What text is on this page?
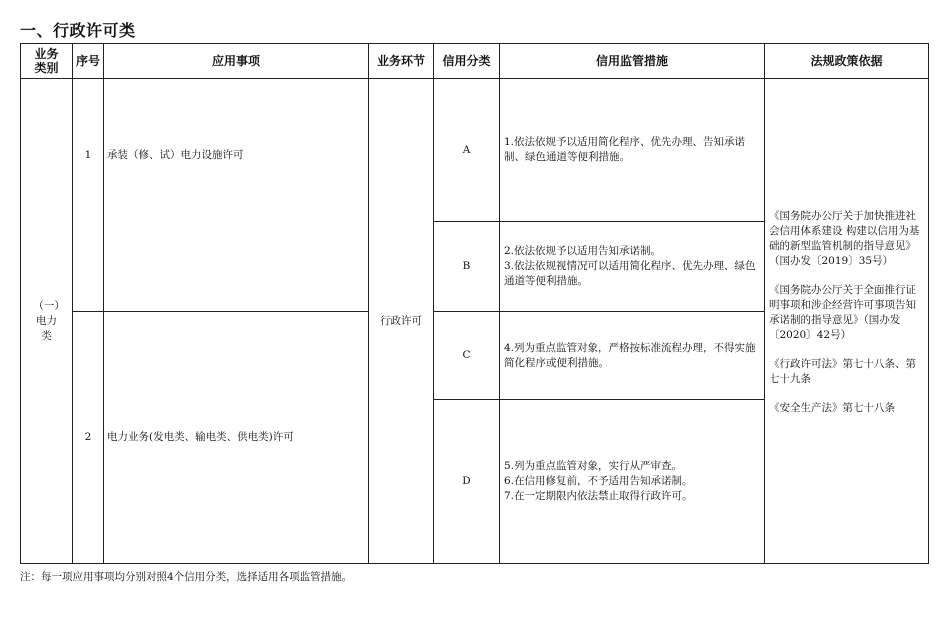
一、行政许可类
业务类别	序号	应用事项	业务环节	信用分类	信用监管措施	法规政策依据

（一）电力类	1	承装（修、试）电力设施许可	行政许可	A	1.依法依规予以适用简化程序、优先办理、告知承诺制、绿色通道等便利措施。	《国务院办公厅关于加快推进社会信用体系建设 构建以信用为基础的新型监管机制的指导意见》（国办发〔2019〕35号）

《国务院办公厅关于全面推行证明事项和涉企经营许可事项告知承诺制的指导意见》（国办发〔2020〕42号）

《行政许可法》第七十八条、第七十九条

《安全生产法》第七十八条

				B	2.依法依规予以适用告知承诺制。
3.依法依规视情况可以适用简化程序、优先办理、绿色通道等便利措施。	

	2	电力业务(发电类、输电类、供电类)许可		C	4.列为重点监管对象，严格按标准流程办理，不得实施简化程序或便利措施。	
				D	5.列为重点监管对象，实行从严审查。
6.在信用修复前，不予适用告知承诺制。
7.在一定期限内依法禁止取得行政许可。	
注：每一项应用事项均分别对照4个信用分类，选择适用各项监管措施。
